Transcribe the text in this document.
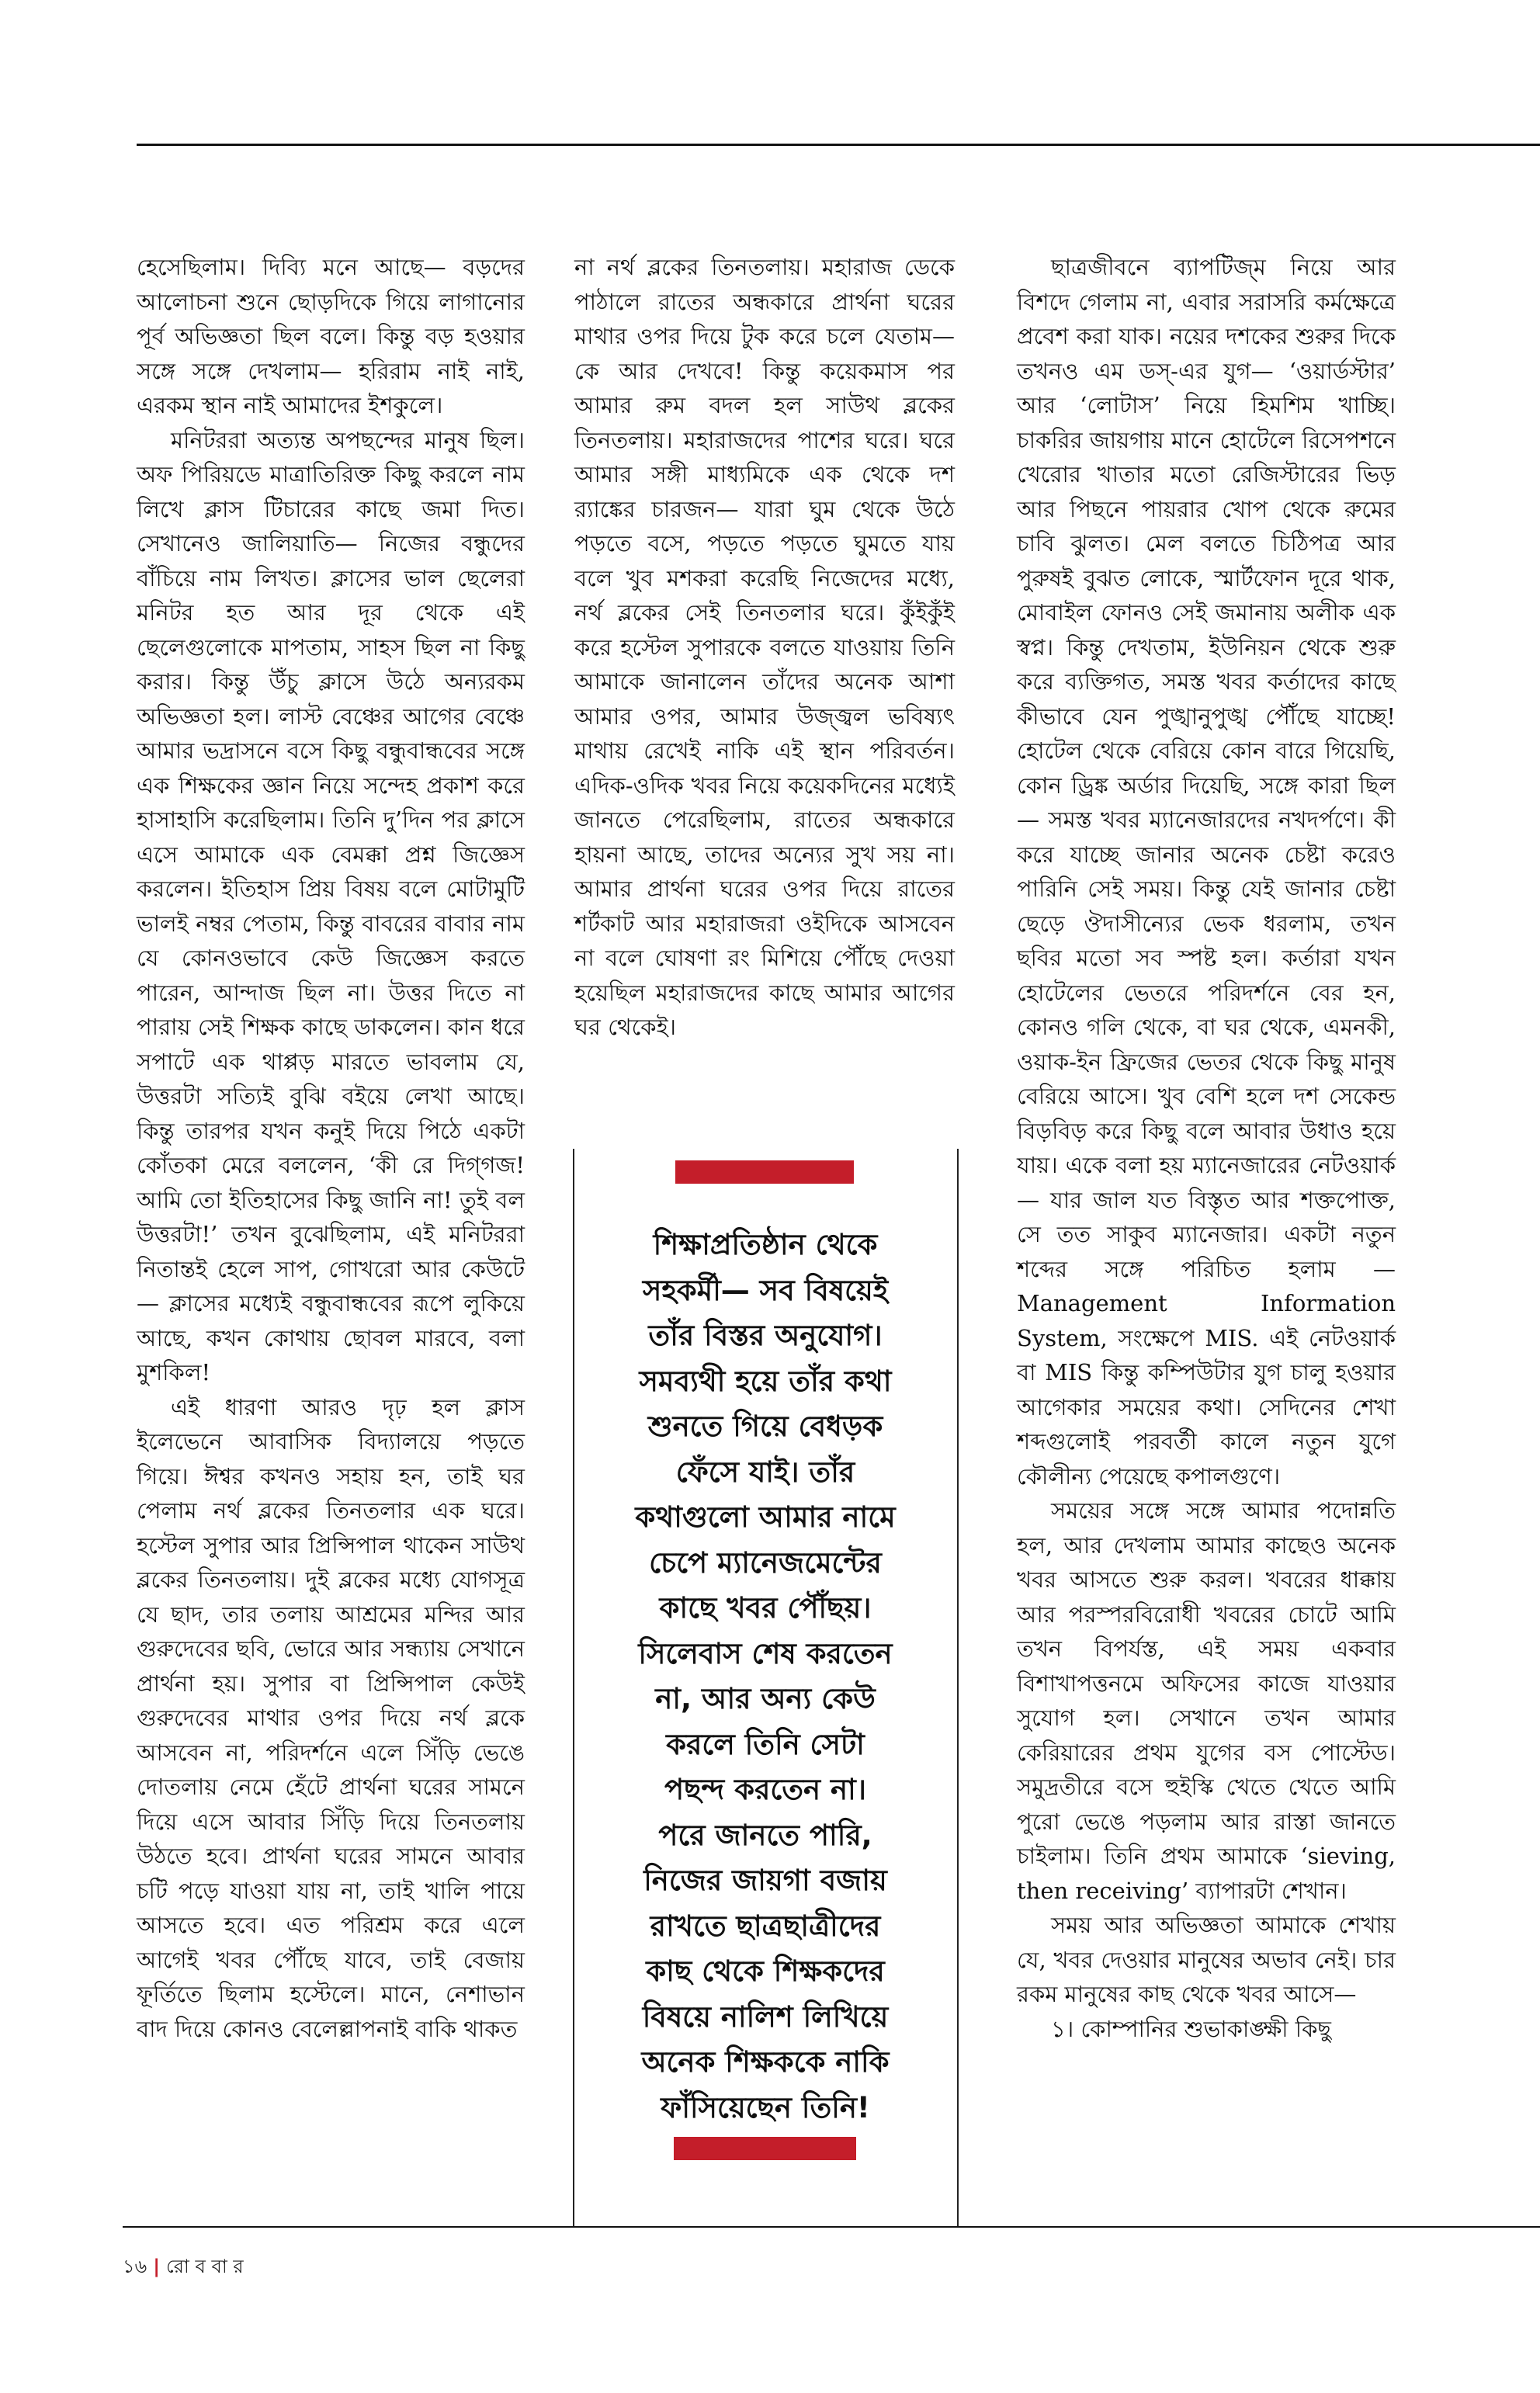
হেসেছিলাম। দিব্যি মনে আছে— বড়দের আলোচনা শুনে ছোড়দিকে গিয়ে লাগানোর পূর্ব অভিজ্ঞতা ছিল বলে। কিন্তু বড় হওয়ার সঙ্গে সঙ্গে দেখলাম— হরিরাম নাই নাই, এরকম স্থান নাই আমাদের ইশকুলে।

মনিটররা অত্যন্ত অপছন্দের মানুষ ছিল। অফ পিরিয়ডে মাত্রাতিরিক্ত কিছু করলে নাম লিখে ক্লাস টিচারের কাছে জমা দিত। সেখানেও জালিয়াতি— নিজের বন্ধুদের বাঁচিয়ে নাম লিখত। ক্লাসের ভাল ছেলেরা মনিটর হত আর দূর থেকে এই ছেলেগুলোকে মাপতাম, সাহস ছিল না কিছু করার। কিন্তু উঁচু ক্লাসে উঠে অন্যরকম অভিজ্ঞতা হল। লাস্ট বেঞ্চের আগের বেঞ্চে আমার ভদ্রাসনে বসে কিছু বন্ধুবান্ধবের সঙ্গে এক শিক্ষকের জ্ঞান নিয়ে সন্দেহ প্রকাশ করে হাসাহাসি করেছিলাম। তিনি দু’দিন পর ক্লাসে এসে আমাকে এক বেমক্কা প্রশ্ন জিজ্ঞেস করলেন। ইতিহাস প্রিয় বিষয় বলে মোটামুটি ভালই নম্বর পেতাম, কিন্তু বাবরের বাবার নাম যে কোনওভাবে কেউ জিজ্ঞেস করতে পারেন, আন্দাজ ছিল না। উত্তর দিতে না পারায় সেই শিক্ষক কাছে ডাকলেন। কান ধরে সপাটে এক থাপ্পড় মারতে ভাবলাম যে, উত্তরটা সত্যিই বুঝি বইয়ে লেখা আছে। কিন্তু তারপর যখন কনুই দিয়ে পিঠে একটা কোঁতকা মেরে বললেন, ‘কী রে দিগ্‌গজ! আমি তো ইতিহাসের কিছু জানি না! তুই বল উত্তরটা!’ তখন বুঝেছিলাম, এই মনিটররা নিতান্তই হেলে সাপ, গোখরো আর কেউটে— ক্লাসের মধ্যেই বন্ধুবান্ধবের রূপে লুকিয়ে আছে, কখন কোথায় ছোবল মারবে, বলা মুশকিল!

এই ধারণা আরও দৃঢ় হল ক্লাস ইলেভেনে আবাসিক বিদ্যালয়ে পড়তে গিয়ে। ঈশ্বর কখনও সহায় হন, তাই ঘর পেলাম নর্থ ব্লকের তিনতলার এক ঘরে। হস্টেল সুপার আর প্রিন্সিপাল থাকেন সাউথ ব্লকের তিনতলায়। দুই ব্লকের মধ্যে যোগসূত্র যে ছাদ, তার তলায় আশ্রমের মন্দির আর গুরুদেবের ছবি, ভোরে আর সন্ধ্যায় সেখানে প্রার্থনা হয়। সুপার বা প্রিন্সিপাল কেউই গুরুদেবের মাথার ওপর দিয়ে নর্থ ব্লকে আসবেন না, পরিদর্শনে এলে সিঁড়ি ভেঙে দোতলায় নেমে হেঁটে প্রার্থনা ঘরের সামনে দিয়ে এসে আবার সিঁড়ি দিয়ে তিনতলায় উঠতে হবে। প্রার্থনা ঘরের সামনে আবার চটি পড়ে যাওয়া যায় না, তাই খালি পায়ে আসতে হবে। এত পরিশ্রম করে এলে আগেই খবর পৌঁছে যাবে, তাই বেজায় ফূর্তিতে ছিলাম হস্টেলে। মানে, নেশাভান বাদ দিয়ে কোনও বেলেল্লাপনাই বাকি থাকত

না নর্থ ব্লকের তিনতলায়। মহারাজ ডেকে পাঠালে রাতের অন্ধকারে প্রার্থনা ঘরের মাথার ওপর দিয়ে টুক করে চলে যেতাম— কে আর দেখবে! কিন্তু কয়েকমাস পর আমার রুম বদল হল সাউথ ব্লকের তিনতলায়। মহারাজদের পাশের ঘরে। ঘরে আমার সঙ্গী মাধ্যমিকে এক থেকে দশ র‍্যাঙ্কের চারজন— যারা ঘুম থেকে উঠে পড়তে বসে, পড়তে পড়তে ঘুমতে যায় বলে খুব মশকরা করেছি নিজেদের মধ্যে, নর্থ ব্লকের সেই তিনতলার ঘরে। কুঁইকুঁই করে হস্টেল সুপারকে বলতে যাওয়ায় তিনি আমাকে জানালেন তাঁদের অনেক আশা আমার ওপর, আমার উজ্জ্বল ভবিষ্যৎ মাথায় রেখেই নাকি এই স্থান পরিবর্তন। এদিক-ওদিক খবর নিয়ে কয়েকদিনের মধ্যেই জানতে পেরেছিলাম, রাতের অন্ধকারে হায়না আছে, তাদের অন্যের সুখ সয় না। আমার প্রার্থনা ঘরের ওপর দিয়ে রাতের শর্টকাট আর মহারাজরা ওইদিকে আসবেন না বলে ঘোষণা রং মিশিয়ে পৌঁছে দেওয়া হয়েছিল মহারাজদের কাছে আমার আগের ঘর থেকেই।

শিক্ষাপ্রতিষ্ঠান থেকে
সহকর্মী— সব বিষয়েই
তাঁর বিস্তর অনুযোগ।
সমব্যথী হয়ে তাঁর কথা
শুনতে গিয়ে বেধড়ক
ফেঁসে যাই। তাঁর
কথাগুলো আমার নামে
চেপে ম্যানেজমেন্টের
কাছে খবর পৌঁছয়।
সিলেবাস শেষ করতেন
না, আর অন্য কেউ
করলে তিনি সেটা
পছন্দ করতেন না।
পরে জানতে পারি,
নিজের জায়গা বজায়
রাখতে ছাত্রছাত্রীদের
কাছ থেকে শিক্ষকদের
বিষয়ে নালিশ লিখিয়ে
অনেক শিক্ষককে নাকি
ফাঁসিয়েছেন তিনি!

ছাত্রজীবনে ব্যাপটিজ্‌ম নিয়ে আর বিশদে গেলাম না, এবার সরাসরি কর্মক্ষেত্রে প্রবেশ করা যাক। নয়ের দশকের শুরুর দিকে তখনও এম ডস্‌-এর যুগ— ‘ওয়ার্ডস্টার’ আর ‘লোটাস’ নিয়ে হিমশিম খাচ্ছি। চাকরির জায়গায় মানে হোটেলে রিসেপশনে খেরোর খাতার মতো রেজিস্টারের ভিড় আর পিছনে পায়রার খোপ থেকে রুমের চাবি ঝুলত। মেল বলতে চিঠিপত্র আর পুরুষই বুঝত লোকে, স্মার্টফোন দূরে থাক, মোবাইল ফোনও সেই জমানায় অলীক এক স্বপ্ন। কিন্তু দেখতাম, ইউনিয়ন থেকে শুরু করে ব্যক্তিগত, সমস্ত খবর কর্তাদের কাছে কীভাবে যেন পুঙ্খানুপুঙ্খ পৌঁছে যাচ্ছে! হোটেল থেকে বেরিয়ে কোন বারে গিয়েছি, কোন ড্রিঙ্ক অর্ডার দিয়েছি, সঙ্গে কারা ছিল— সমস্ত খবর ম্যানেজারদের নখদর্পণে। কী করে যাচ্ছে জানার অনেক চেষ্টা করেও পারিনি সেই সময়। কিন্তু যেই জানার চেষ্টা ছেড়ে ঔদাসীন্যের ভেক ধরলাম, তখন ছবির মতো সব স্পষ্ট হল। কর্তারা যখন হোটেলের ভেতরে পরিদর্শনে বের হন, কোনও গলি থেকে, বা ঘর থেকে, এমনকী, ওয়াক-ইন ফ্রিজের ভেতর থেকে কিছু মানুষ বেরিয়ে আসে। খুব বেশি হলে দশ সেকেন্ড বিড়বিড় করে কিছু বলে আবার উধাও হয়ে যায়। একে বলা হয় ম্যানেজারের নেটওয়ার্ক— যার জাল যত বিস্তৃত আর শক্তপোক্ত, সে তত সাকুব ম্যানেজার। একটা নতুন শব্দের সঙ্গে পরিচিত হলাম — Management Information System, সংক্ষেপে MIS. এই নেটওয়ার্ক বা MIS কিন্তু কম্পিউটার যুগ চালু হওয়ার আগেকার সময়ের কথা। সেদিনের শেখা শব্দগুলোই পরবর্তী কালে নতুন যুগে কৌলীন্য পেয়েছে কপালগুণে।

সময়ের সঙ্গে সঙ্গে আমার পদোন্নতি হল, আর দেখলাম আমার কাছেও অনেক খবর আসতে শুরু করল। খবরের ধাক্কায় আর পরস্পরবিরোধী খবরের চোটে আমি তখন বিপর্যস্ত, এই সময় একবার বিশাখাপত্তনমে অফিসের কাজে যাওয়ার সুযোগ হল। সেখানে তখন আমার কেরিয়ারের প্রথম যুগের বস পোস্টেড। সমুদ্রতীরে বসে হুইস্কি খেতে খেতে আমি পুরো ভেঙে পড়লাম আর রাস্তা জানতে চাইলাম। তিনি প্রথম আমাকে ‘sieving, then receiving’ ব্যাপারটা শেখান।

সময় আর অভিজ্ঞতা আমাকে শেখায় যে, খবর দেওয়ার মানুষের অভাব নেই। চার রকম মানুষের কাছ থেকে খবর আসে—

১। কোম্পানির শুভাকাঙ্ক্ষী কিছু

১৬ | রো ব বা র
